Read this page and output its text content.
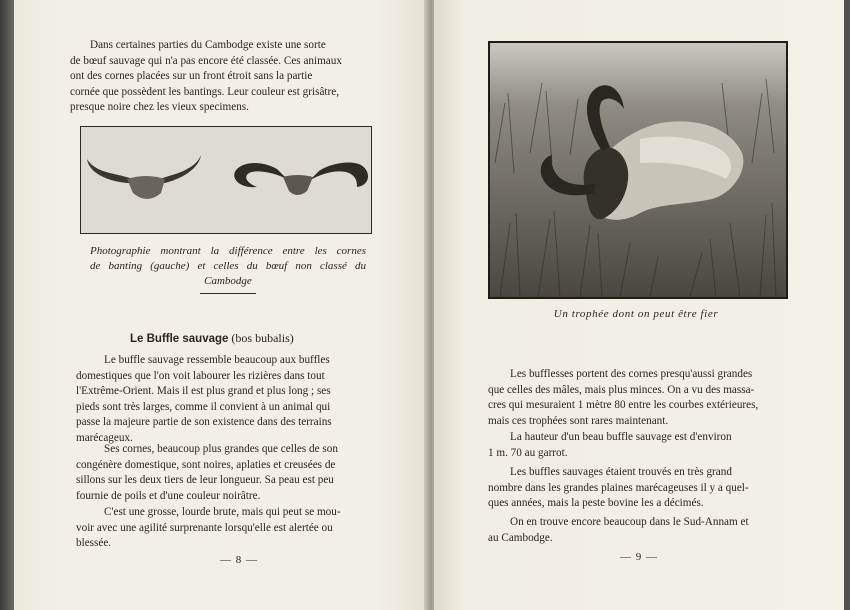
Dans certaines parties du Cambodge existe une sorte
de bœuf sauvage qui n'a pas encore été classée. Ces animaux
ont des cornes placées sur un front étroit sans la partie
cornée que possèdent les bantings. Leur couleur est grisâtre,
presque noire chez les vieux specimens.
Photographie montrant la différence entre les cornes
de banting (gauche) et celles du bœuf non classé du
Cambodge
Le Buffle sauvage (bos bubalis)
Le buffle sauvage ressemble beaucoup aux buffles
domestiques que l'on voit labourer les rizières dans tout
l'Extrême-Orient. Mais il est plus grand et plus long ; ses
pieds sont très larges, comme il convient à un animal qui
passe la majeure partie de son existence dans des terrains
marécageux.
Ses cornes, beaucoup plus grandes que celles de son
congénère domestique, sont noires, aplaties et creusées de
sillons sur les deux tiers de leur longueur. Sa peau est peu
fournie de poils et d'une couleur noirâtre.
C'est une grosse, lourde brute, mais qui peut se mou-
voir avec une agilité surprenante lorsqu'elle est alertée ou
blessée.
— 8 —
Un trophée dont on peut être fier
Les bufflesses portent des cornes presqu'aussi grandes
que celles des mâles, mais plus minces. On a vu des massa-
cres qui mesuraient 1 mètre 80 entre les courbes extérieures,
mais ces trophées sont rares maintenant.
La hauteur d'un beau buffle sauvage est d'environ
1 m. 70 au garrot.
Les buffles sauvages étaient trouvés en très grand
nombre dans les grandes plaines marécageuses il y a quel-
ques années, mais la peste bovine les a décimés.
On en trouve encore beaucoup dans le Sud-Annam et
au Cambodge.
— 9 —
